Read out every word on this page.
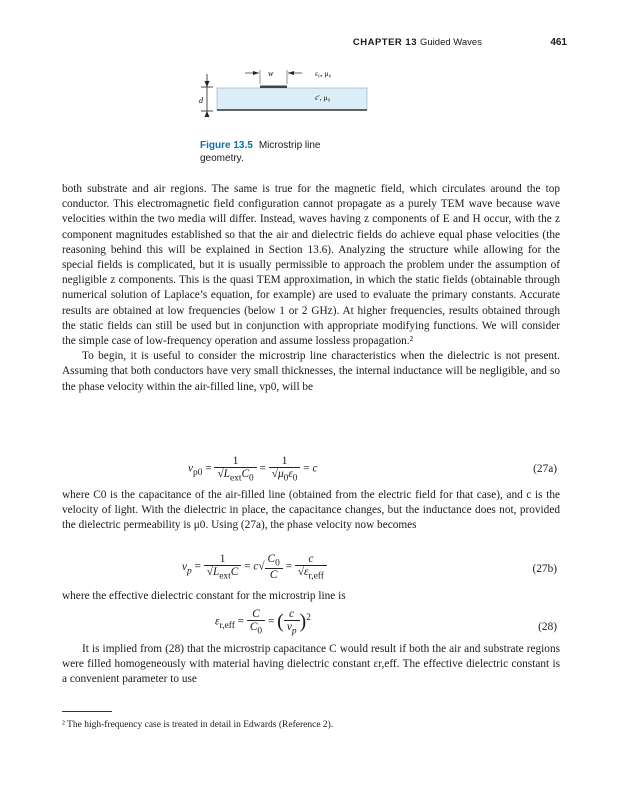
CHAPTER 13 Guided Waves	461
w
d
ε₀, μ₀
ε′, μ₀
Figure 13.5 Microstrip line geometry.

both substrate and air regions. The same is true for the magnetic field, which circulates around the top conductor. This electromagnetic field configuration cannot propagate as a purely TEM wave because wave velocities within the two media will differ. Instead, waves having z components of E and H occur, with the z component magnitudes established so that the air and dielectric fields do achieve equal phase velocities (the reasoning behind this will be explained in Section 13.6). Analyzing the structure while allowing for the special fields is complicated, but it is usually permissible to approach the problem under the assumption of negligible z components. This is the quasi TEM approximation, in which the static fields (obtainable through numerical solution of Laplace’s equation, for example) are used to evaluate the primary constants. Accurate results are obtained at low frequencies (below 1 or 2 GHz). At higher frequencies, results obtained through the static fields can still be used but in conjunction with appropriate modifying functions. We will consider the simple case of low-frequency operation and assume lossless propagation.²

To begin, it is useful to consider the microstrip line characteristics when the dielectric is not present. Assuming that both conductors have very small thicknesses, the internal inductance will be negligible, and so the phase velocity within the air-filled line, vp0, will be

$v_{p0} = \frac{1}{√L_{ext}C_0} = \frac{1}{√\mu_0\varepsilon_0} = c$	(27a)

where C0 is the capacitance of the air-filled line (obtained from the electric field for that case), and c is the velocity of light. With the dielectric in place, the capacitance changes, but the inductance does not, provided the dielectric permeability is μ0. Using (27a), the phase velocity now becomes

$v_p = \frac{1}{√L_{ext}C} = c√ \frac{C_0}{C} = \frac{c}{√\varepsilon_{r,eff}}$	(27b)

where the effective dielectric constant for the microstrip line is

$\varepsilon_{r,eff} = \frac{C}{C_0}$ = ( $\frac{c}{v_p} )^2$
(28)

It is implied from (28) that the microstrip capacitance C would result if both the air and substrate regions were filled homogeneously with material having dielectric constant εr,eff. The effective dielectric constant is a convenient parameter to use

² The high-frequency case is treated in detail in Edwards (Reference 2).
